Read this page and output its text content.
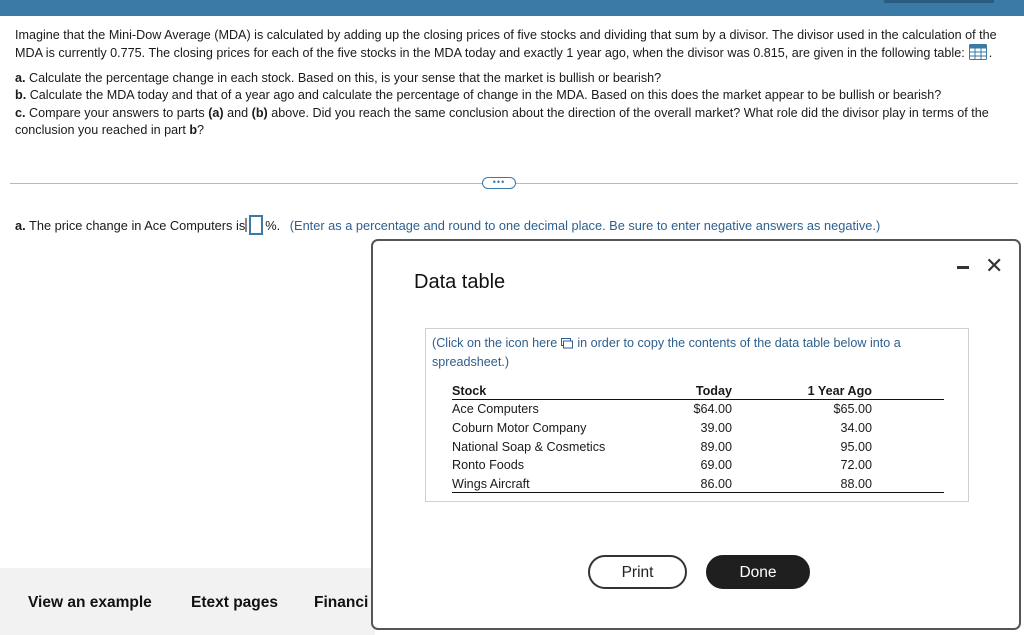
Imagine that the Mini-Dow Average (MDA) is calculated by adding up the closing prices of five stocks and dividing that sum by a divisor. The divisor used in the calculation of the MDA is currently 0.775. The closing prices for each of the five stocks in the MDA today and exactly 1 year ago, when the divisor was 0.815, are given in the following table: .

a. Calculate the percentage change in each stock. Based on this, is your sense that the market is bullish or bearish?

b. Calculate the MDA today and that of a year ago and calculate the percentage of change in the MDA. Based on this does the market appear to be bullish or bearish?

c. Compare your answers to parts (a) and (b) above. Did you reach the same conclusion about the direction of the overall market? What role did the divisor play in terms of the conclusion you reached in part b?

•••
a. The price change in Ace Computers is %. (Enter as a percentage and round to one decimal place. Be sure to enter negative answers as negative.)
View an example	Etext pages Financi
Data table
✕
(Click on the icon here in order to copy the contents of the data table below into a spreadsheet.)
Stock	Today	1 Year Ago
Ace Computers	$64.00	$65.00
Coburn Motor Company	39.00	34.00
National Soap & Cosmetics	89.00	95.00
Ronto Foods	69.00	72.00
Wings Aircraft	86.00	88.00
Print	Done
